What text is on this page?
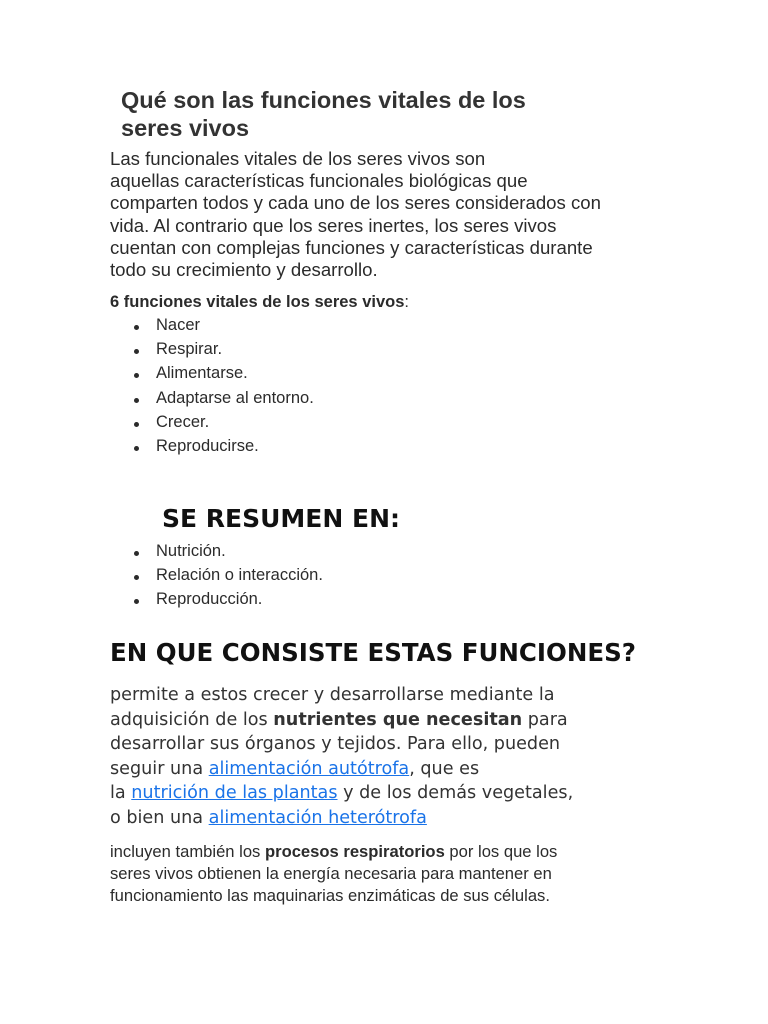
Qué son las funciones vitales de los
seres vivos

Las funcionales vitales de los seres vivos son
aquellas características funcionales biológicas que
comparten todos y cada uno de los seres considerados con
vida. Al contrario que los seres inertes, los seres vivos
cuentan con complejas funciones y características durante
todo su crecimiento y desarrollo.

6 funciones vitales de los seres vivos:

Nacer
Respirar.
Alimentarse.
Adaptarse al entorno.
Crecer.
Reproducirse.
SE RESUMEN EN:
Nutrición.
Relación o interacción.
Reproducción.
EN QUE CONSISTE ESTAS FUNCIONES?

permite a estos crecer y desarrollarse mediante la
adquisición de los nutrientes que necesitan para
desarrollar sus órganos y tejidos. Para ello, pueden
seguir una alimentación autótrofa, que es
la nutrición de las plantas y de los demás vegetales,
o bien una alimentación heterótrofa

incluyen también los procesos respiratorios por los que los
seres vivos obtienen la energía necesaria para mantener en
funcionamiento las maquinarias enzimáticas de sus células.
